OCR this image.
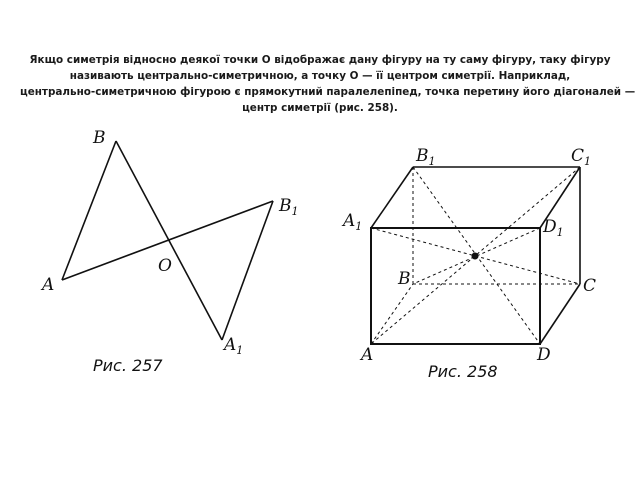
Якщо симетрія відносно деякої точки О відображає дану фігуру на ту саму фігуру, таку фігуру
називають центрально-симетричною, а точку О — її центром симетрії. Наприклад,
центрально-симетричною фігурою є прямокутний паралелепіпед, точка перетину його діагоналей —
центр симетрії (рис. 258).
B
$B_1$
O
A
$A_1$
Рис. 257
$B_1$	$C_1$
$A_1$	$D_1$
B	C
A	D
Рис. 258
